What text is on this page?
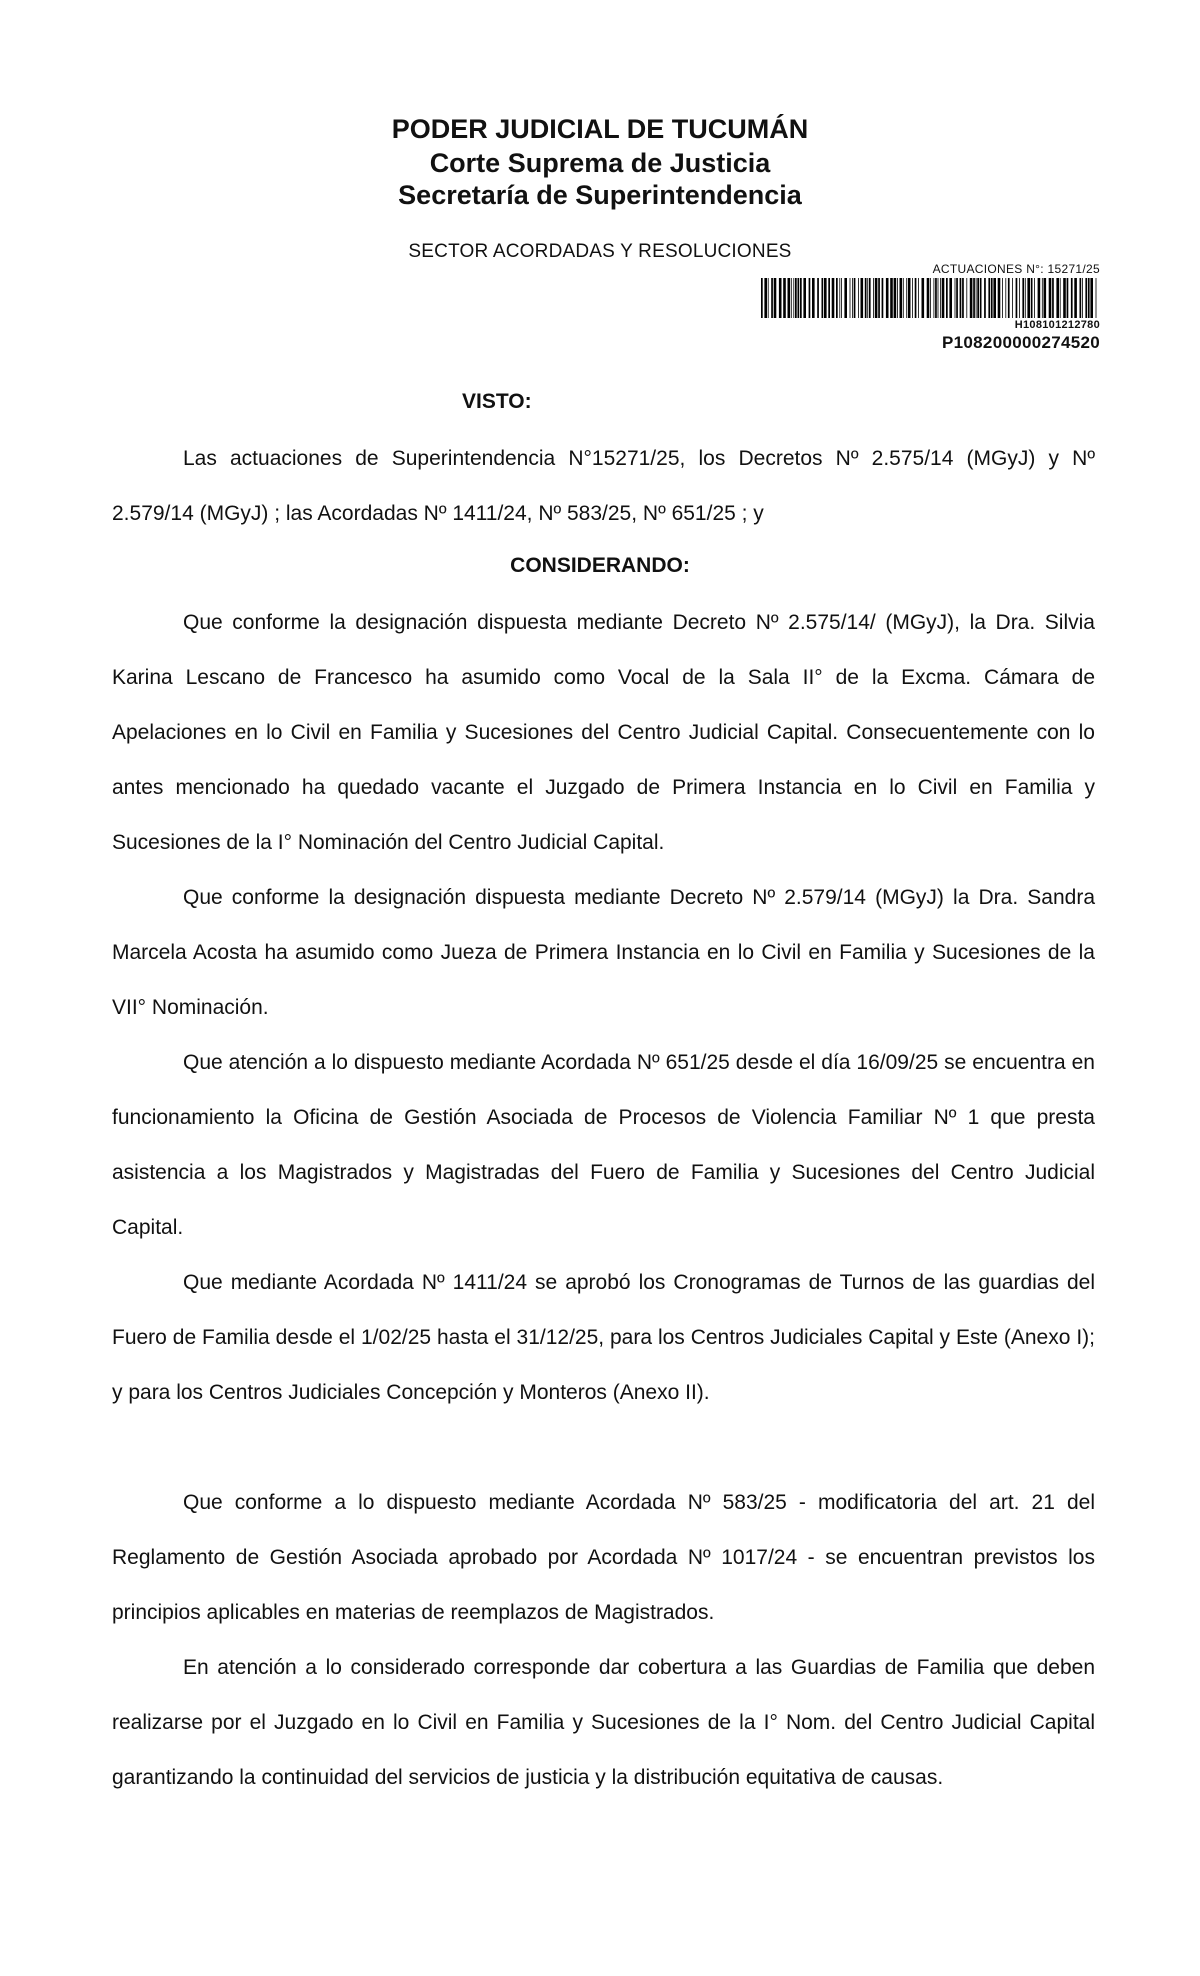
PODER JUDICIAL DE TUCUMÁN
Corte Suprema de Justicia
Secretaría de Superintendencia
SECTOR ACORDADAS Y RESOLUCIONES
ACTUACIONES N°: 15271/25
H108101212780
P108200000274520
VISTO:

Las actuaciones de Superintendencia N°15271/25, los Decretos Nº 2.575/14 (MGyJ) y Nº 2.579/14 (MGyJ) ; las Acordadas Nº 1411/24, Nº 583/25, Nº 651/25 ; y

CONSIDERANDO:

Que conforme la designación dispuesta mediante Decreto Nº 2.575/14/ (MGyJ), la Dra. Silvia Karina Lescano de Francesco ha asumido como Vocal de la Sala II° de la Excma. Cámara de Apelaciones en lo Civil en Familia y Sucesiones del Centro Judicial Capital. Consecuentemente con lo antes mencionado ha quedado vacante el Juzgado de Primera Instancia en lo Civil en Familia y Sucesiones de la I° Nominación del Centro Judicial Capital.

Que conforme la designación dispuesta mediante Decreto Nº 2.579/14 (MGyJ) la Dra. Sandra Marcela Acosta ha asumido como Jueza de Primera Instancia en lo Civil en Familia y Sucesiones de la VII° Nominación.

Que atención a lo dispuesto mediante Acordada Nº 651/25 desde el día 16/09/25 se encuentra en funcionamiento la Oficina de Gestión Asociada de Procesos de Violencia Familiar Nº 1 que presta asistencia a los Magistrados y Magistradas del Fuero de Familia y Sucesiones del Centro Judicial Capital.

Que mediante Acordada Nº 1411/24 se aprobó los Cronogramas de Turnos de las guardias del Fuero de Familia desde el 1/02/25 hasta el 31/12/25, para los Centros Judiciales Capital y Este (Anexo I); y para los Centros Judiciales Concepción y Monteros (Anexo II).

Que conforme a lo dispuesto mediante Acordada Nº 583/25 - modificatoria del art. 21 del Reglamento de Gestión Asociada aprobado por Acordada Nº 1017/24 - se encuentran previstos los principios aplicables en materias de reemplazos de Magistrados.

En atención a lo considerado corresponde dar cobertura a las Guardias de Familia que deben realizarse por el Juzgado en lo Civil en Familia y Sucesiones de la I° Nom. del Centro Judicial Capital garantizando la continuidad del servicios de justicia y la distribución equitativa de causas.
